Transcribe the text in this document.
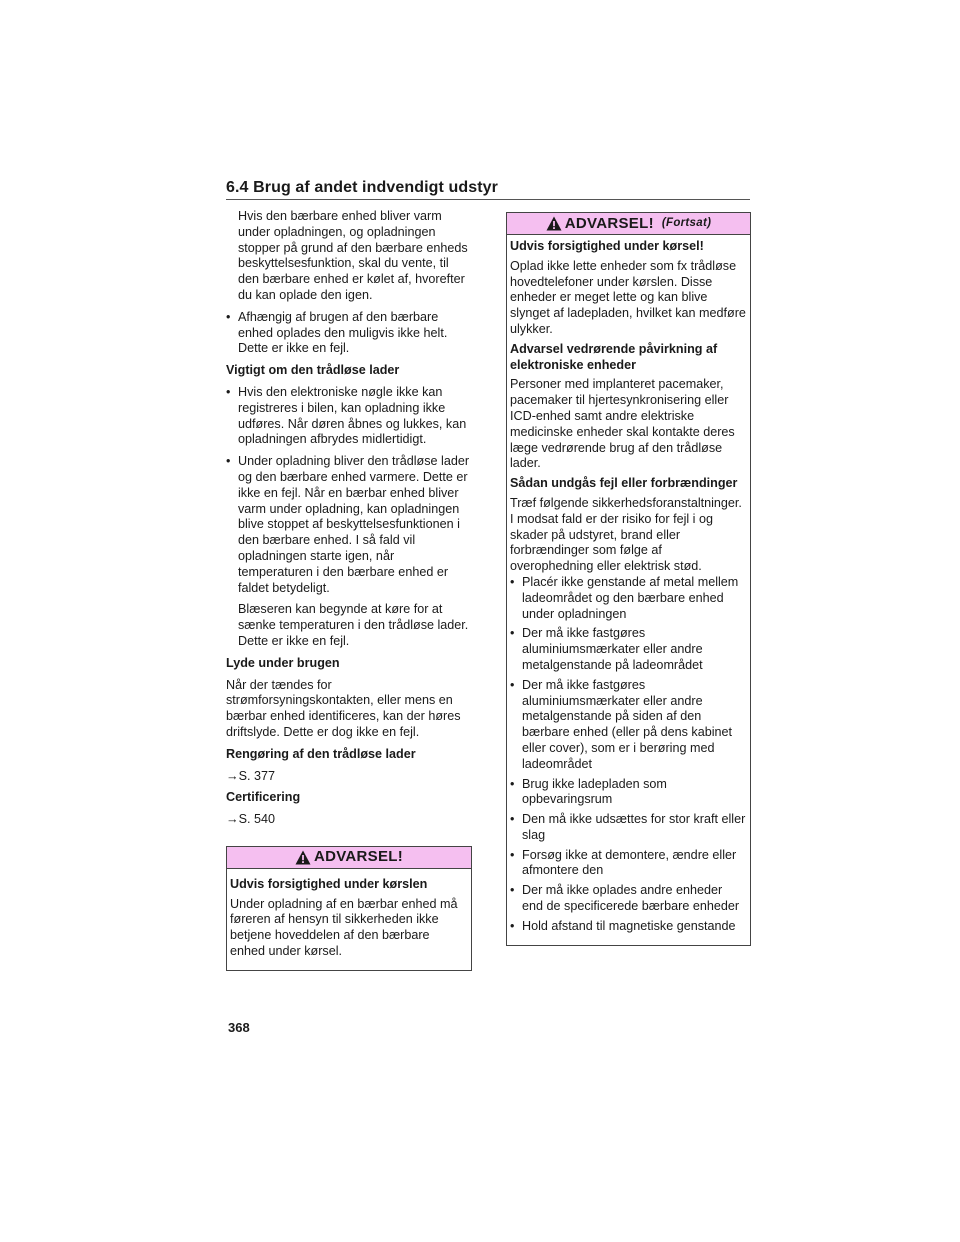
6.4 Brug af andet indvendigt udstyr

Hvis den bærbare enhed bliver varm under opladningen, og opladningen stopper på grund af den bærbare enheds beskyttelsesfunktion, skal du vente, til den bærbare enhed er kølet af, hvorefter du kan oplade den igen.

• Afhængig af brugen af den bærbare enhed oplades den muligvis ikke helt. Dette er ikke en fejl.
Vigtigt om den trådløse lader
• Hvis den elektroniske nøgle ikke kan registreres i bilen, kan opladning ikke udføres. Når døren åbnes og lukkes, kan opladningen afbrydes midlertidigt.
• Under opladning bliver den trådløse lader og den bærbare enhed varmere. Dette er ikke en fejl. Når en bærbar enhed bliver varm under opladning, kan opladningen blive stoppet af beskyttelsesfunktionen i den bærbare enhed. I så fald vil opladningen starte igen, når temperaturen i den bærbare enhed er faldet betydeligt.

Blæseren kan begynde at køre for at sænke temperaturen i den trådløse lader. Dette er ikke en fejl.

Lyde under brugen

Når der tændes for strømforsyningskontakten, eller mens en bærbar enhed identificeres, kan der høres driftslyde. Dette er dog ikke en fejl.

Rengøring af den trådløse lader
→S. 377
Certificering
→S. 540
ADVARSEL!
Udvis forsigtighed under kørslen

Under opladning af en bærbar enhed må føreren af hensyn til sikkerheden ikke betjene hoveddelen af den bærbare enhed under kørsel.

ADVARSEL! (Fortsat)
Udvis forsigtighed under kørsel!

Oplad ikke lette enheder som fx trådløse hovedtelefoner under kørslen. Disse enheder er meget lette og kan blive slynget af ladepladen, hvilket kan medføre ulykker.

Advarsel vedrørende påvirkning af elektroniske enheder

Personer med implanteret pacemaker, pacemaker til hjertesynkronisering eller ICD-enhed samt andre elektriske medicinske enheder skal kontakte deres læge vedrørende brug af den trådløse lader.

Sådan undgås fejl eller forbrændinger

Træf følgende sikkerhedsforanstaltninger. I modsat fald er der risiko for fejl i og skader på udstyret, brand eller forbrændinger som følge af overophedning eller elektrisk stød.

• Placér ikke genstande af metal mellem ladeområdet og den bærbare enhed under opladningen
• Der må ikke fastgøres aluminiumsmærkater eller andre metalgenstande på ladeområdet
• Der må ikke fastgøres aluminiumsmærkater eller andre metalgenstande på siden af den bærbare enhed (eller på dens kabinet eller cover), som er i berøring med ladeområdet
• Brug ikke ladepladen som opbevaringsrum
• Den må ikke udsættes for stor kraft eller slag
• Forsøg ikke at demontere, ændre eller afmontere den
• Der må ikke oplades andre enheder end de specificerede bærbare enheder
• Hold afstand til magnetiske genstande
368
